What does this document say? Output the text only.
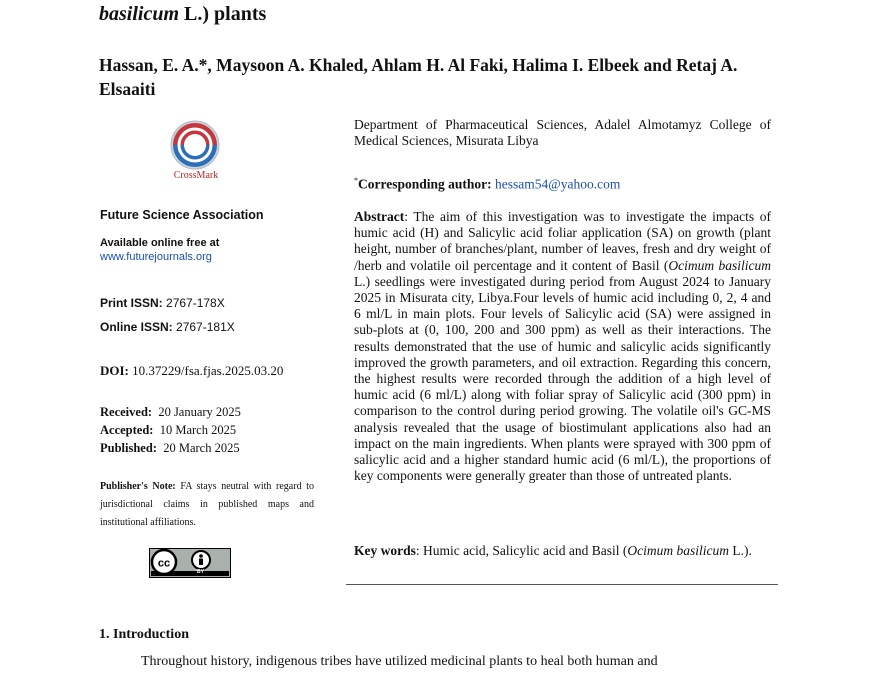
basilicum L.) plants
Hassan, E. A.*, Maysoon A. Khaled, Ahlam H. Al Faki, Halima I. Elbeek and Retaj A. Elsaaiti
CrossMark
Future Science Association
Available online free at
www.futurejournals.org
Print ISSN: 2767-178X
Online ISSN: 2767-181X
DOI: 10.37229/fsa.fjas.2025.03.20
Received: 20 January 2025
Accepted: 10 March 2025
Published: 20 March 2025
Publisher's Note: FA stays neutral with regard to jurisdictional claims in published maps and institutional affiliations.
cc
BY
Department of Pharmaceutical Sciences, Adalel Almotamyz College of Medical Sciences, Misurata Libya
*Corresponding author: hessam54@yahoo.com
Abstract: The aim of this investigation was to investigate the impacts of humic acid (H) and Salicylic acid foliar application (SA) on growth (plant height, number of branches/plant, number of leaves, fresh and dry weight of /herb and volatile oil percentage and it content of Basil (Ocimum basilicum L.) seedlings were investigated during period from August 2024 to January 2025 in Misurata city, Libya.Four levels of humic acid including 0, 2, 4 and 6 ml/L in main plots. Four levels of Salicylic acid (SA) were assigned in sub-plots at (0, 100, 200 and 300 ppm) as well as their interactions. The results demonstrated that the use of humic and salicylic acids significantly improved the growth parameters, and oil extraction. Regarding this concern, the highest results were recorded through the addition of a high level of humic acid (6 ml/L) along with foliar spray of Salicylic acid (300 ppm) in comparison to the control during period growing. The volatile oil's GC-MS analysis revealed that the usage of biostimulant applications also had an impact on the main ingredients. When plants were sprayed with 300 ppm of salicylic acid and a higher standard humic acid (6 ml/L), the proportions of key components were generally greater than those of untreated plants.
Key words: Humic acid, Salicylic acid and Basil (Ocimum basilicum L.).
1. Introduction
Throughout history, indigenous tribes have utilized medicinal plants to heal both human and
